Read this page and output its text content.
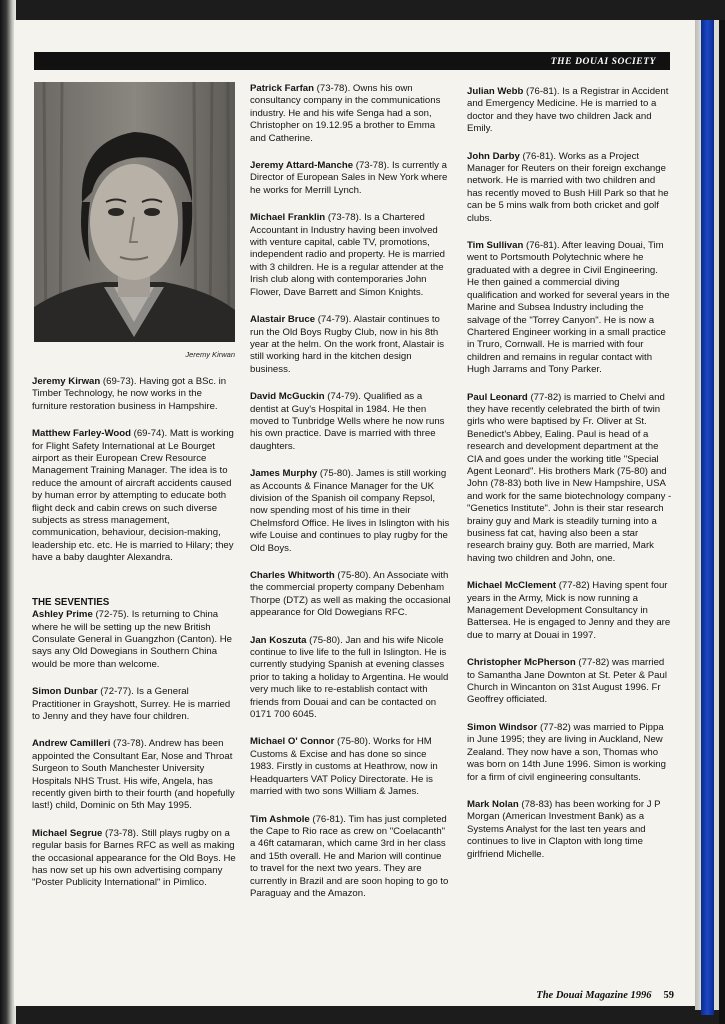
THE DOUAI SOCIETY
Jeremy Kirwan
Jeremy Kirwan (69-73). Having got a BSc. in Timber Technology, he now works in the furniture restoration business in Hampshire.
Matthew Farley-Wood (69-74). Matt is working for Flight Safety International at Le Bourget airport as their European Crew Resource Management Training Manager. The idea is to reduce the amount of aircraft accidents caused by human error by attempting to educate both flight deck and cabin crews on such diverse subjects as stress management, communication, behaviour, decision-making, leadership etc. etc. He is married to Hilary; they have a baby daughter Alexandra.
THE SEVENTIES
Ashley Prime (72-75). Is returning to China where he will be setting up the new British Consulate General in Guangzhon (Canton). He says any Old Dowegians in Southern China would be more than welcome.
Simon Dunbar (72-77). Is a General Practitioner in Grayshott, Surrey. He is married to Jenny and they have four children.
Andrew Camilleri (73-78). Andrew has been appointed the Consultant Ear, Nose and Throat Surgeon to South Manchester University Hospitals NHS Trust. His wife, Angela, has recently given birth to their fourth (and hopefully last!) child, Dominic on 5th May 1995.
Michael Segrue (73-78). Still plays rugby on a regular basis for Barnes RFC as well as making the occasional appearance for the Old Boys. He has now set up his own advertising company "Poster Publicity International" in Pimlico.
Patrick Farfan (73-78). Owns his own consultancy company in the communications industry. He and his wife Senga had a son, Christopher on 19.12.95 a brother to Emma and Catherine.
Jeremy Attard-Manche (73-78). Is currently a Director of European Sales in New York where he works for Merrill Lynch.
Michael Franklin (73-78). Is a Chartered Accountant in Industry having been involved with venture capital, cable TV, promotions, independent radio and property. He is married with 3 children. He is a regular attender at the Irish club along with contemporaries John Flower, Dave Barrett and Simon Knights.
Alastair Bruce (74-79). Alastair continues to run the Old Boys Rugby Club, now in his 8th year at the helm. On the work front, Alastair is still working hard in the kitchen design business.
David McGuckin (74-79). Qualified as a dentist at Guy's Hospital in 1984. He then moved to Tunbridge Wells where he now runs his own practice. Dave is married with three daughters.
James Murphy (75-80). James is still working as Accounts & Finance Manager for the UK division of the Spanish oil company Repsol, now spending most of his time in their Chelmsford Office. He lives in Islington with his wife Louise and continues to play rugby for the Old Boys.
Charles Whitworth (75-80). An Associate with the commercial property company Debenham Thorpe (DTZ) as well as making the occasional appearance for Old Dowegians RFC.
Jan Koszuta (75-80). Jan and his wife Nicole continue to live life to the full in Islington. He is currently studying Spanish at evening classes prior to taking a holiday to Argentina. He would very much like to re-establish contact with friends from Douai and can be contacted on 0171 700 6045.
Michael O' Connor (75-80). Works for HM Customs & Excise and has done so since 1983. Firstly in customs at Heathrow, now in Headquarters VAT Policy Directorate. He is married with two sons William & James.
Tim Ashmole (76-81). Tim has just completed the Cape to Rio race as crew on "Coelacanth" a 46ft catamaran, which came 3rd in her class and 15th overall. He and Marion will continue to travel for the next two years. They are currently in Brazil and are soon hoping to go to Paraguay and the Amazon.
Julian Webb (76-81). Is a Registrar in Accident and Emergency Medicine. He is married to a doctor and they have two children Jack and Emily.
John Darby (76-81). Works as a Project Manager for Reuters on their foreign exchange network. He is married with two children and has recently moved to Bush Hill Park so that he can be 5 mins walk from both cricket and golf clubs.
Tim Sullivan (76-81). After leaving Douai, Tim went to Portsmouth Polytechnic where he graduated with a degree in Civil Engineering. He then gained a commercial diving qualification and worked for several years in the Marine and Subsea Industry including the salvage of the "Torrey Canyon". He is now a Chartered Engineer working in a small practice in Truro, Cornwall. He is married with four children and remains in regular contact with Hugh Jarrams and Tony Parker.
Paul Leonard (77-82) is married to Chelvi and they have recently celebrated the birth of twin girls who were baptised by Fr. Oliver at St. Benedict's Abbey, Ealing. Paul is head of a research and development department at the CIA and goes under the working title "Special Agent Leonard". His brothers Mark (75-80) and John (78-83) both live in New Hampshire, USA and work for the same biotechnology company - "Genetics Institute". John is their star research brainy guy and Mark is steadily turning into a business fat cat, having also been a star research brainy guy. Both are married, Mark having two children and John, one.
Michael McClement (77-82) Having spent four years in the Army, Mick is now running a Management Development Consultancy in Battersea. He is engaged to Jenny and they are due to marry at Douai in 1997.
Christopher McPherson (77-82) was married to Samantha Jane Downton at St. Peter & Paul Church in Wincanton on 31st August 1996. Fr Geoffrey officiated.
Simon Windsor (77-82) was married to Pippa in June 1995; they are living in Auckland, New Zealand. They now have a son, Thomas who was born on 14th June 1996. Simon is working for a firm of civil engineering consultants.
Mark Nolan (78-83) has been working for J P Morgan (American Investment Bank) as a Systems Analyst for the last ten years and continues to live in Clapton with long time girlfriend Michelle.
The Douai Magazine 1996 59
